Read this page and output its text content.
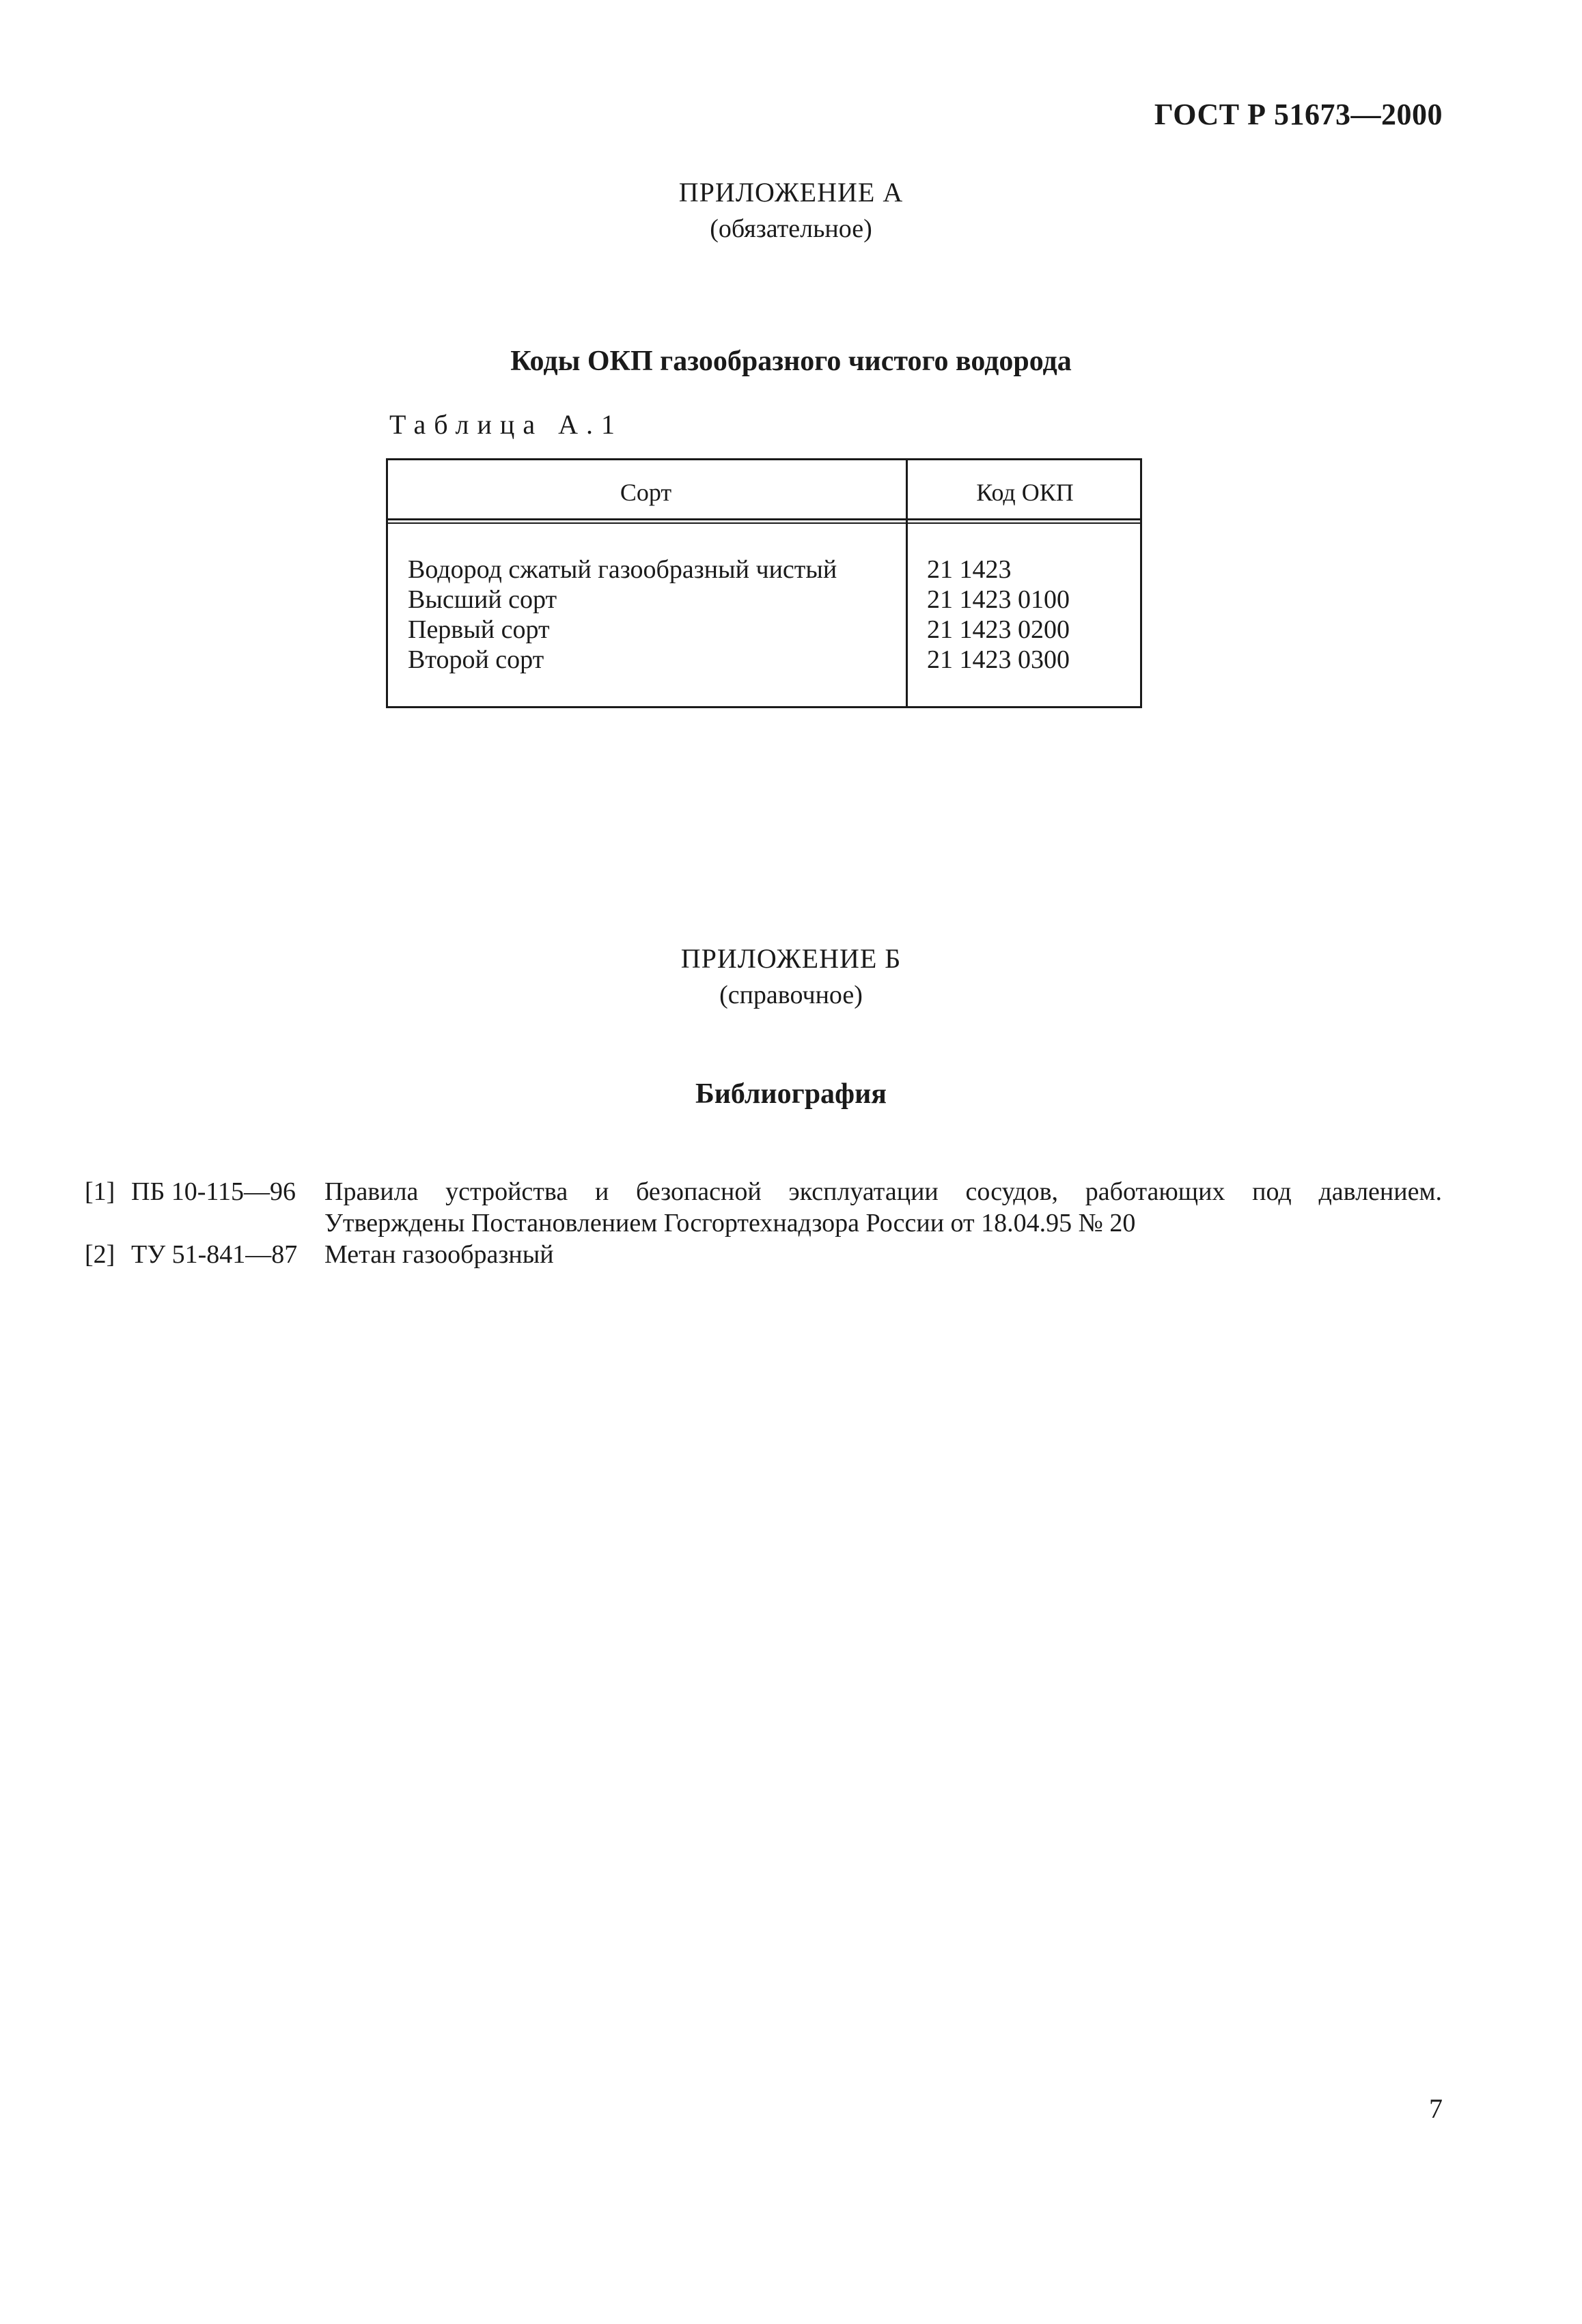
ГОСТ Р 51673—2000
ПРИЛОЖЕНИЕ А
(обязательное)
Коды ОКП газообразного чистого водорода
Таблица А.1
Сорт	Код ОКП
Водород сжатый газообразный чистый	21 1423
Высший сорт	21 1423 0100
Первый сорт	21 1423 0200
Второй сорт	21 1423 0300
ПРИЛОЖЕНИЕ Б
(справочное)
Библиография
[1] ПБ 10-115—96 Правила устройства и безопасной эксплуатации сосудов, работающих под давлением.
Утверждены Постановлением Госгортехнадзора России от 18.04.95 № 20
[2] ТУ 51-841—87 Метан газообразный
7
